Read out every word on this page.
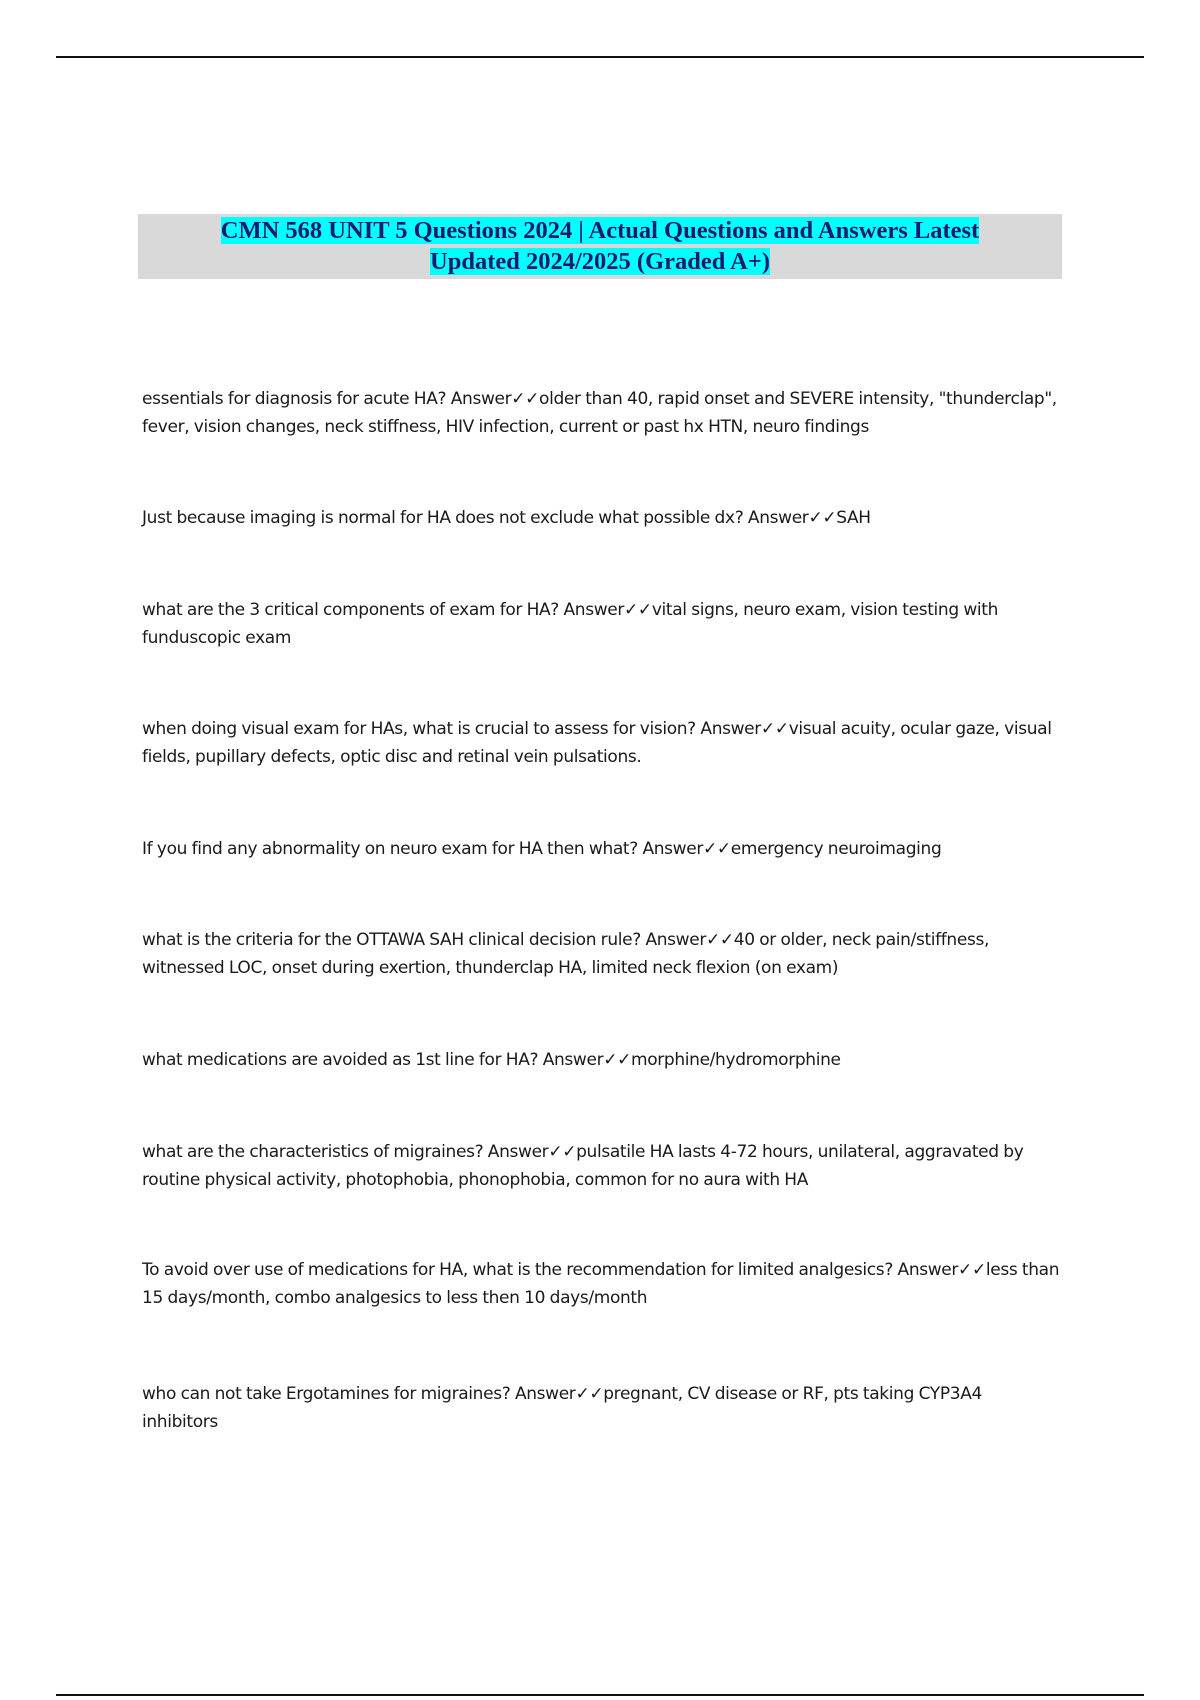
CMN 568 UNIT 5 Questions 2024 | Actual Questions and Answers Latest
Updated 2024/2025 (Graded A+)
essentials for diagnosis for acute HA? Answer✓✓older than 40, rapid onset and SEVERE intensity, "thunderclap", fever, vision changes, neck stiffness, HIV infection, current or past hx HTN, neuro findings
Just because imaging is normal for HA does not exclude what possible dx? Answer✓✓SAH
what are the 3 critical components of exam for HA? Answer✓✓vital signs, neuro exam, vision testing with funduscopic exam
when doing visual exam for HAs, what is crucial to assess for vision? Answer✓✓visual acuity, ocular gaze, visual fields, pupillary defects, optic disc and retinal vein pulsations.
If you find any abnormality on neuro exam for HA then what? Answer✓✓emergency neuroimaging
what is the criteria for the OTTAWA SAH clinical decision rule? Answer✓✓40 or older, neck pain/stiffness, witnessed LOC, onset during exertion, thunderclap HA, limited neck flexion (on exam)
what medications are avoided as 1st line for HA? Answer✓✓morphine/hydromorphine
what are the characteristics of migraines? Answer✓✓pulsatile HA lasts 4-72 hours, unilateral, aggravated by routine physical activity, photophobia, phonophobia, common for no aura with HA
To avoid over use of medications for HA, what is the recommendation for limited analgesics? Answer✓✓less than 15 days/month, combo analgesics to less then 10 days/month
who can not take Ergotamines for migraines? Answer✓✓pregnant, CV disease or RF, pts taking CYP3A4 inhibitors
